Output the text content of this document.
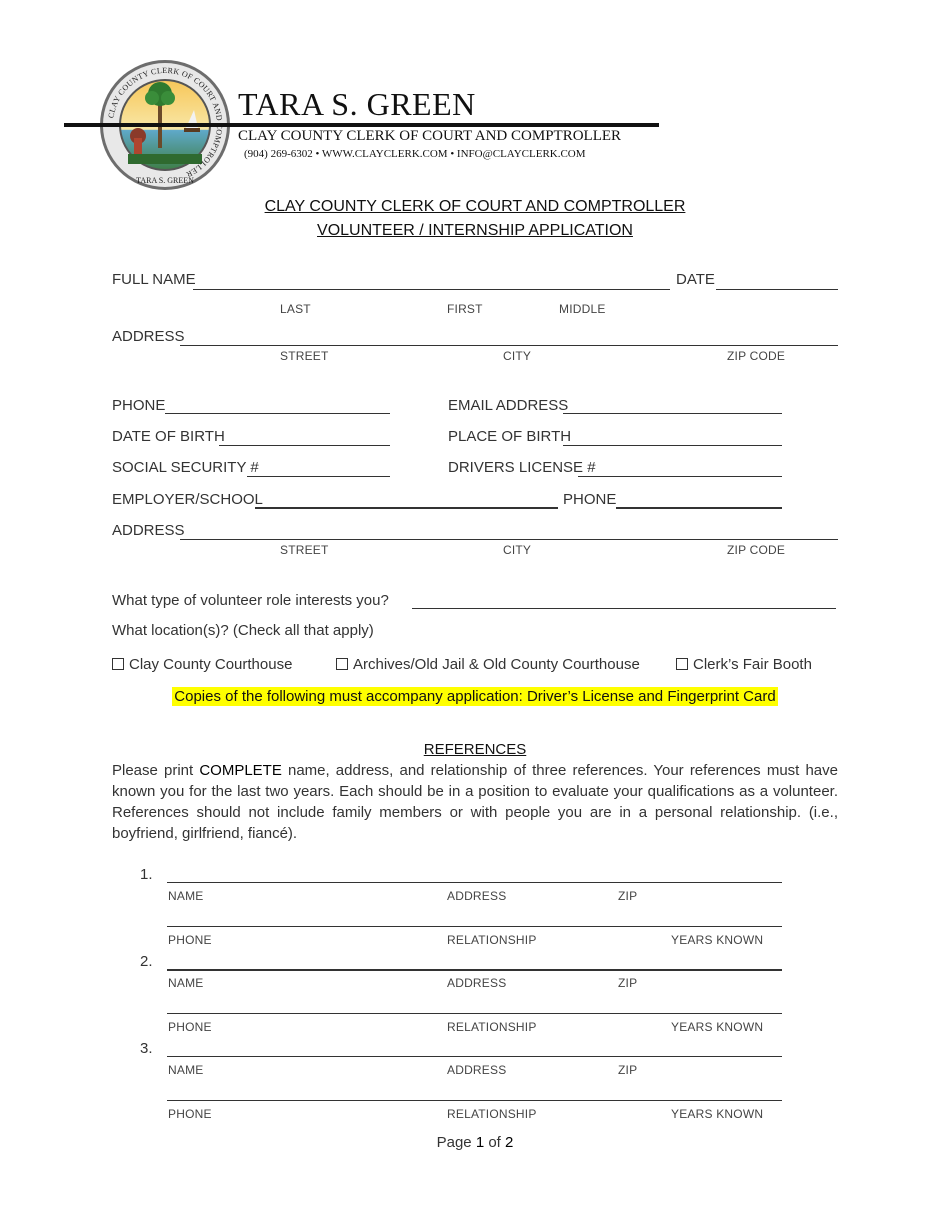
CLAY COUNTY CLERK OF COURT AND COMPTROLLER
TARA S. GREEN
TARA S. GREEN
CLAY COUNTY CLERK OF COURT AND COMPTROLLER
(904) 269-6302 • WWW.CLAYCLERK.COM • INFO@CLAYCLERK.COM
CLAY COUNTY CLERK OF COURT AND COMPTROLLER
VOLUNTEER / INTERNSHIP APPLICATION
FULL NAME	DATE
LAST	FIRST	MIDDLE
ADDRESS
STREET	CITY	ZIP CODE
PHONE	EMAIL ADDRESS
DATE OF BIRTH	PLACE OF BIRTH
SOCIAL SECURITY #	DRIVERS LICENSE #
EMPLOYER/SCHOOL	PHONE
ADDRESS
STREET	CITY	ZIP CODE
What type of volunteer role interests you?
What location(s)? (Check all that apply)
Clay County Courthouse	Archives/Old Jail & Old County Courthouse	Clerk’s Fair Booth
Copies of the following must accompany application: Driver’s License and Fingerprint Card
REFERENCES
Please print COMPLETE name, address, and relationship of three references. Your references must have known you for the last two years. Each should be in a position to evaluate your qualifications as a volunteer. References should not include family members or with people you are in a personal relationship. (i.e., boyfriend, girlfriend, fiancé).
1.
NAME	ADDRESS	ZIP
PHONE	RELATIONSHIP	YEARS KNOWN
2.
NAME	ADDRESS	ZIP
PHONE	RELATIONSHIP	YEARS KNOWN
3.
NAME	ADDRESS	ZIP
PHONE	RELATIONSHIP	YEARS KNOWN
Page 1 of 2
